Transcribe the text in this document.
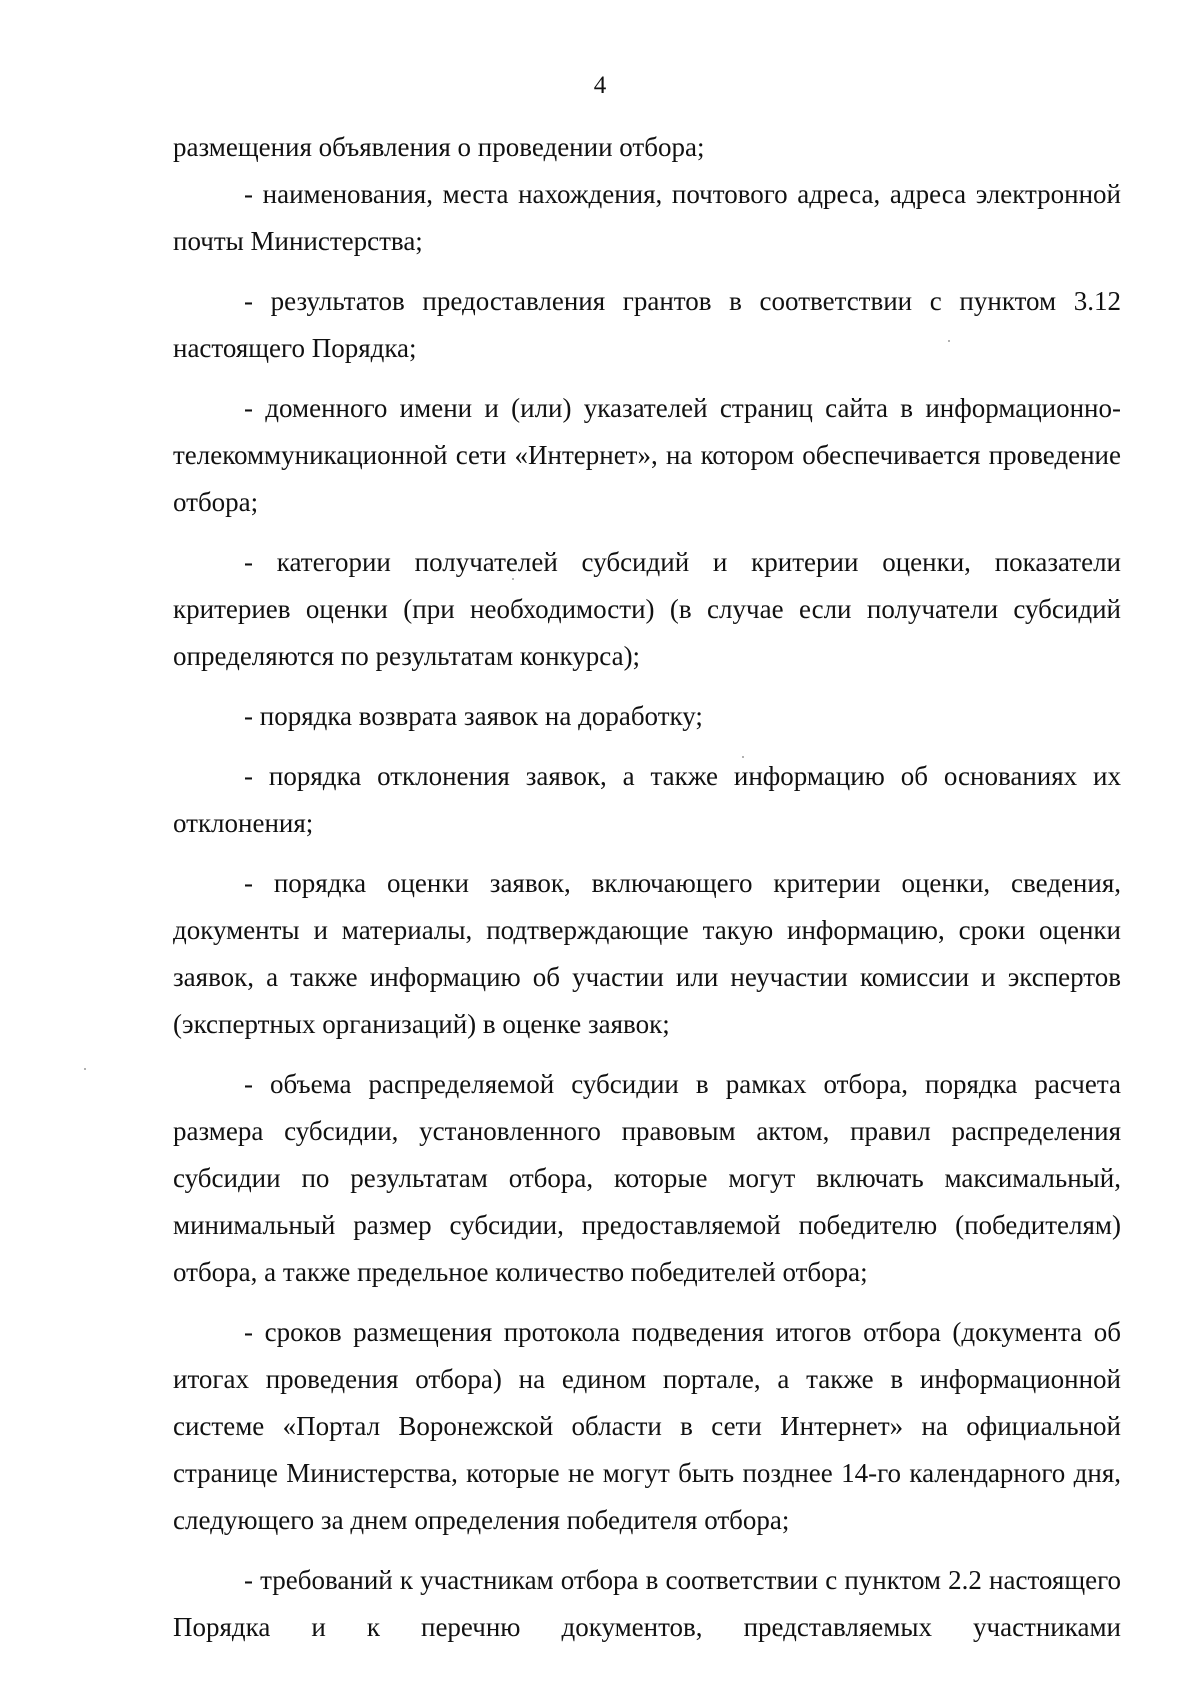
4

размещения объявления о проведении отбора;

- наименования, места нахождения, почтового адреса, адреса электронной почты Министерства;

- результатов предоставления грантов в соответствии с пунктом 3.12 настоящего Порядка;

- доменного имени и (или) указателей страниц сайта в информационно-телекоммуникационной сети «Интернет», на котором обеспечивается проведение отбора;

- категории получателей субсидий и критерии оценки, показатели критериев оценки (при необходимости) (в случае если получатели субсидий определяются по результатам конкурса);

- порядка возврата заявок на доработку;

- порядка отклонения заявок, а также информацию об основаниях их отклонения;

- порядка оценки заявок, включающего критерии оценки, сведения, документы и материалы, подтверждающие такую информацию, сроки оценки заявок, а также информацию об участии или неучастии комиссии и экспертов (экспертных организаций) в оценке заявок;

- объема распределяемой субсидии в рамках отбора, порядка расчета размера субсидии, установленного правовым актом, правил распределения субсидии по результатам отбора, которые могут включать максимальный, минимальный размер субсидии, предоставляемой победителю (победителям) отбора, а также предельное количество победителей отбора;

- сроков размещения протокола подведения итогов отбора (документа об итогах проведения отбора) на едином портале, а также в информационной системе «Портал Воронежской области в сети Интернет» на официальной странице Министерства, которые не могут быть позднее 14-го календарного дня, следующего за днем определения победителя отбора;

- требований к участникам отбора в соответствии с пунктом 2.2 настоящего Порядка и к перечню документов, представляемых участниками
